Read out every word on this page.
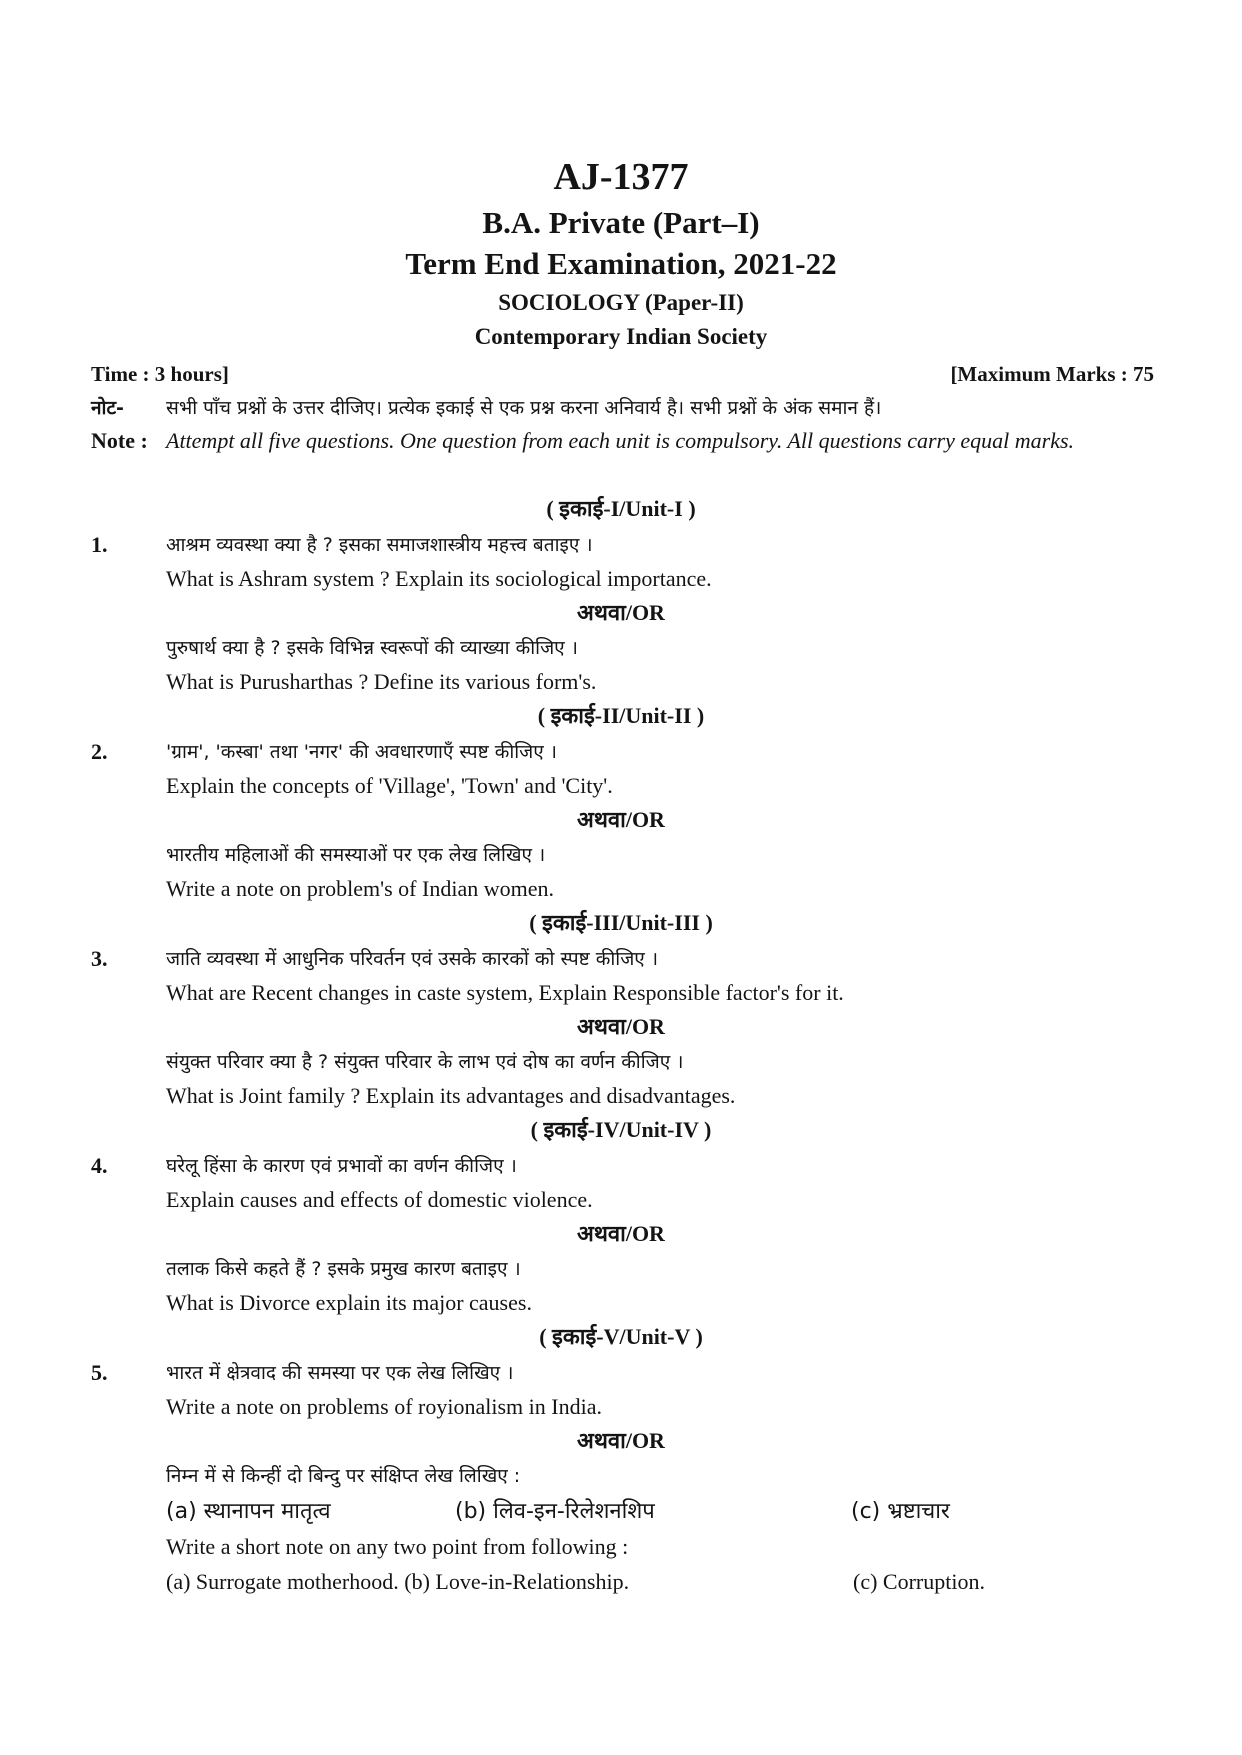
AJ-1377
B.A. Private (Part–I)
Term End Examination, 2021-22
SOCIOLOGY (Paper-II)
Contemporary Indian Society
Time : 3 hours]	[Maximum Marks : 75
नोट- सभी पाँच प्रश्नों के उत्तर दीजिए। प्रत्येक इकाई से एक प्रश्न करना अनिवार्य है। सभी प्रश्नों के अंक समान हैं।
Note : Attempt all five questions. One question from each unit is compulsory. All questions carry equal marks.
( इकाई-I/Unit-I )
1.	आश्रम व्यवस्था क्या है ? इसका समाजशास्त्रीय महत्त्व बताइए ।
What is Ashram system ? Explain its sociological importance.
अथवा/OR
पुरुषार्थ क्या है ? इसके विभिन्न स्वरूपों की व्याख्या कीजिए ।
What is Purusharthas ? Define its various form's.
( इकाई-II/Unit-II )
2.	'ग्राम', 'कस्बा' तथा 'नगर' की अवधारणाएँ स्पष्ट कीजिए ।
Explain the concepts of 'Village', 'Town' and 'City'.
अथवा/OR
भारतीय महिलाओं की समस्याओं पर एक लेख लिखिए ।
Write a note on problem's of Indian women.
( इकाई-III/Unit-III )
3.	जाति व्यवस्था में आधुनिक परिवर्तन एवं उसके कारकों को स्पष्ट कीजिए ।
What are Recent changes in caste system, Explain Responsible factor's for it.
अथवा/OR
संयुक्त परिवार क्या है ? संयुक्त परिवार के लाभ एवं दोष का वर्णन कीजिए ।
What is Joint family ? Explain its advantages and disadvantages.
( इकाई-IV/Unit-IV )
4.	घरेलू हिंसा के कारण एवं प्रभावों का वर्णन कीजिए ।
Explain causes and effects of domestic violence.
अथवा/OR
तलाक किसे कहते हैं ? इसके प्रमुख कारण बताइए ।
What is Divorce explain its major causes.
( इकाई-V/Unit-V )
5.	भारत में क्षेत्रवाद की समस्या पर एक लेख लिखिए ।
Write a note on problems of royionalism in India.
अथवा/OR
निम्न में से किन्हीं दो बिन्दु पर संक्षिप्त लेख लिखिए :
(a) स्थानापन मातृत्व	(b) लिव-इन-रिलेशनशिप	(c) भ्रष्टाचार
Write a short note on any two point from following :
(a) Surrogate motherhood. (b) Love-in-Relationship.	(c) Corruption.
